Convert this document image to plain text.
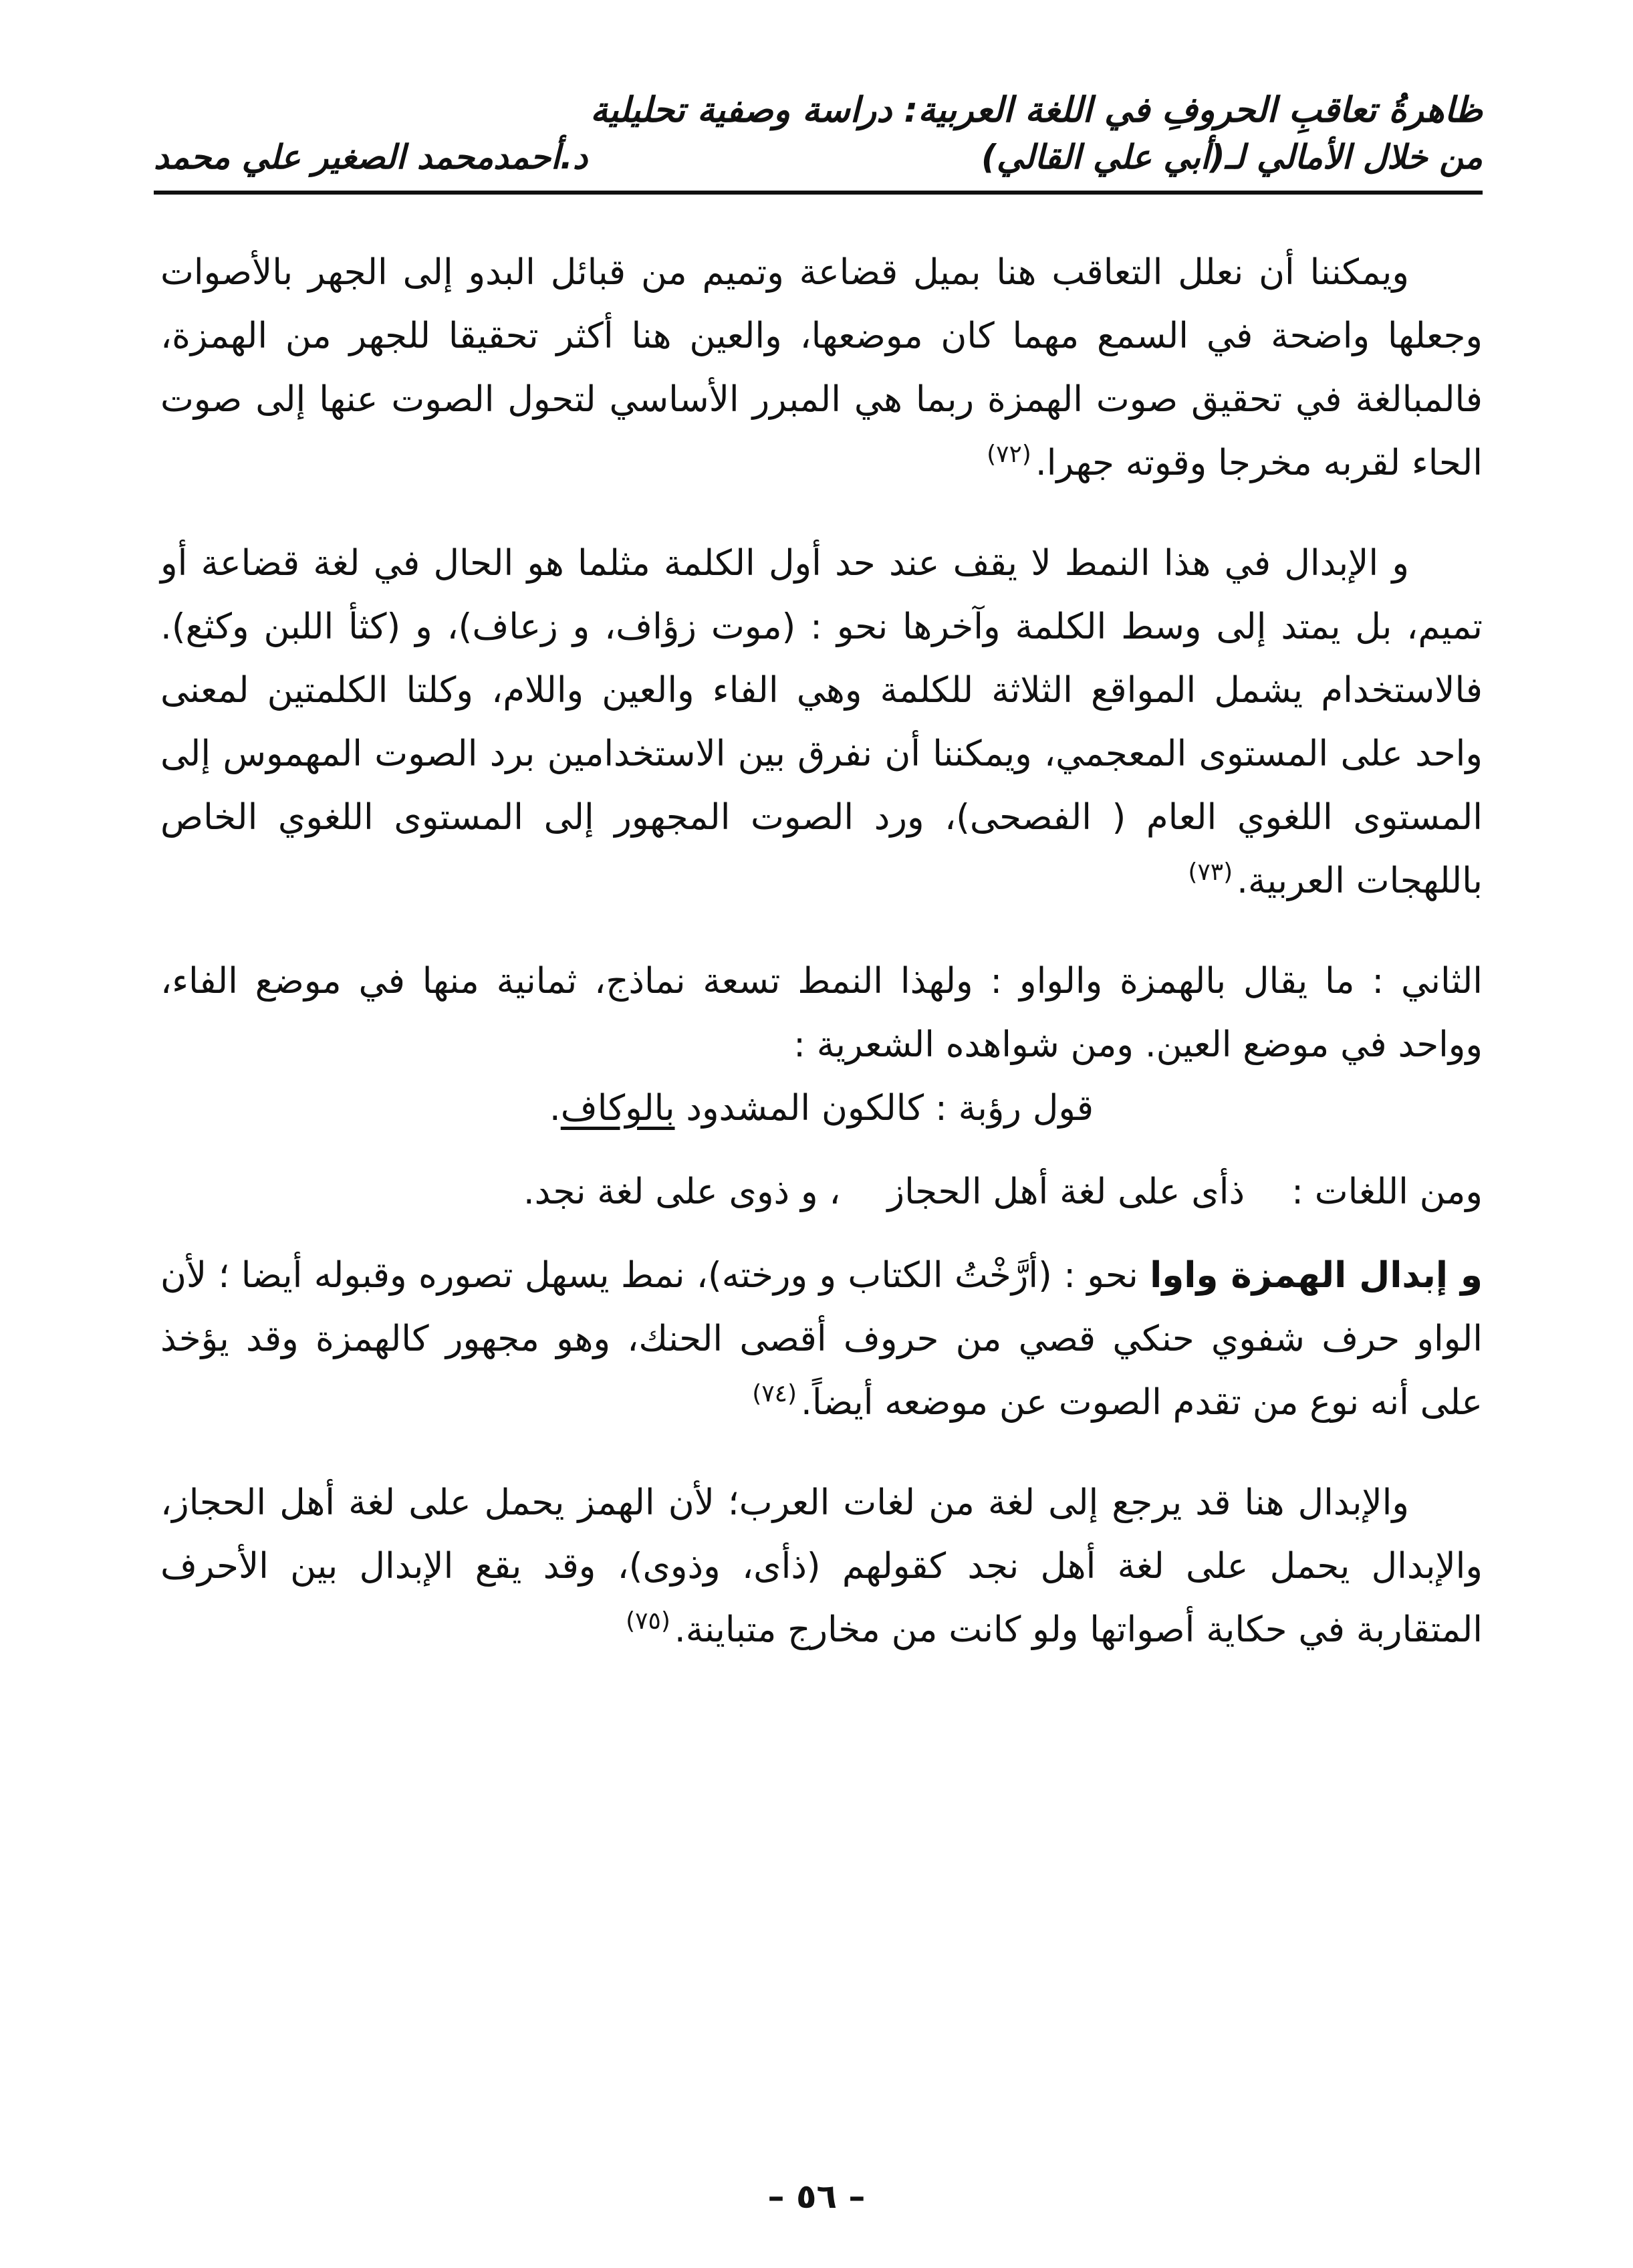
ظاهرةُ تعاقبِ الحروفِ في اللغة العربية: دراسة وصفية تحليلية
من خلال الأمالي لـ(أبي علي القالي)
د.أحمدمحمد الصغير علي محمد

ويمكننا أن نعلل التعاقب هنا بميل قضاعة وتميم من قبائل البدو إلى الجهر بالأصوات وجعلها واضحة في السمع مهما كان موضعها، والعين هنا أكثر تحقيقا للجهر من الهمزة، فالمبالغة في تحقيق صوت الهمزة ربما هي المبرر الأساسي لتحول الصوت عنها إلى صوت الحاء لقربه مخرجا وقوته جهرا.$^{(٧٢)}$

و الإبدال في هذا النمط لا يقف عند حد أول الكلمة مثلما هو الحال في لغة قضاعة أو تميم، بل يمتد إلى وسط الكلمة وآخرها نحو : (موت زؤاف، و زعاف)، و (كثأ اللبن وكثع). فالاستخدام يشمل المواقع الثلاثة للكلمة وهي الفاء والعين واللام، وكلتا الكلمتين لمعنى واحد على المستوى المعجمي، ويمكننا أن نفرق بين الاستخدامين برد الصوت المهموس إلى المستوى اللغوي العام ( الفصحى)، ورد الصوت المجهور إلى المستوى اللغوي الخاص باللهجات العربية.$^{(٧٣)}$

الثاني : ما يقال بالهمزة والواو : ولهذا النمط تسعة نماذج، ثمانية منها في موضع الفاء، وواحد في موضع العين. ومن شواهده الشعرية :

قول رؤبة : كالكون المشدود بالوكاف.

ومن اللغات :ذأى على لغة أهل الحجاز، و ذوى على لغة نجد.

و إبدال الهمزة واوا نحو : (أرَّخْتُ الكتاب و ورخته)، نمط يسهل تصوره وقبوله أيضا ؛ لأن الواو حرف شفوي حنكي قصي من حروف أقصى الحنك، وهو مجهور كالهمزة وقد يؤخذ على أنه نوع من تقدم الصوت عن موضعه أيضاً.$^{(٧٤)}$

والإبدال هنا قد يرجع إلى لغة من لغات العرب؛ لأن الهمز يحمل على لغة أهل الحجاز، والإبدال يحمل على لغة أهل نجد كقولهم (ذأى، وذوى)، وقد يقع الإبدال بين الأحرف المتقاربة في حكاية أصواتها ولو كانت من مخارج متباينة.$^{(٧٥)}$

– ٥٦ –
